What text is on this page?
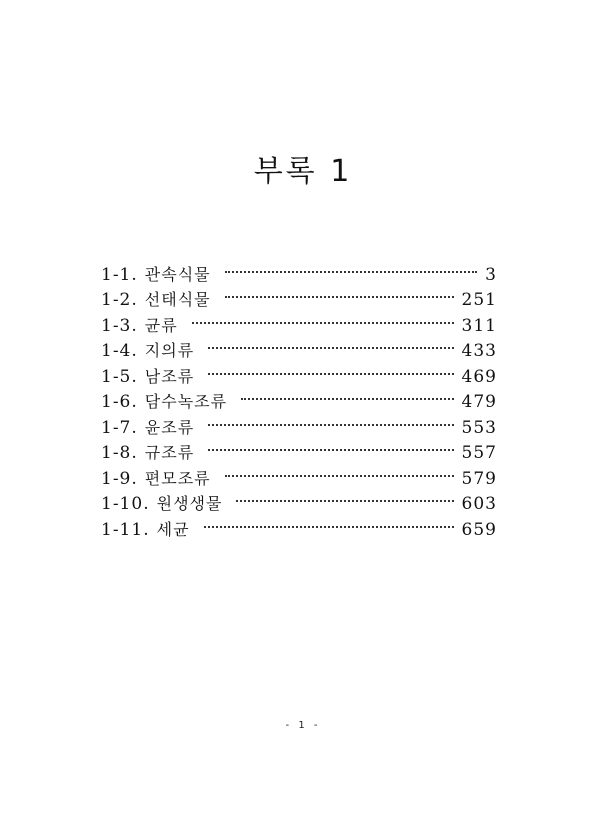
부록 1
1-1. 관속식물	3
1-2. 선태식물	251
1-3. 균류	311
1-4. 지의류	433
1-5. 남조류	469
1-6. 담수녹조류	479
1-7. 윤조류	553
1-8. 규조류	557
1-9. 편모조류	579
1-10. 원생생물	603
1-11. 세균	659
- 1 -
